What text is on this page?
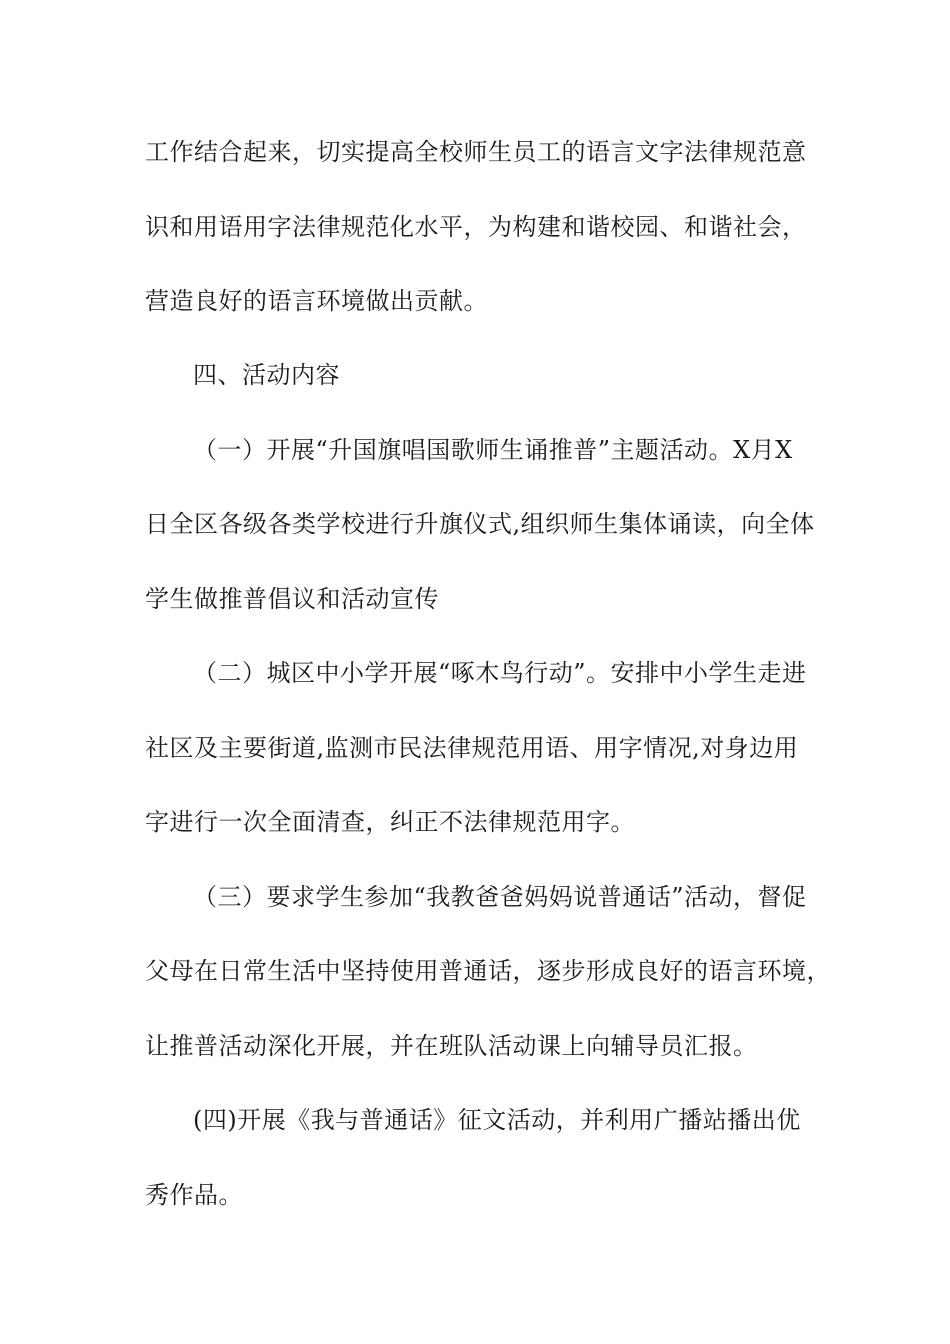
工作结合起来，切实提高全校师生员工的语言文字法律规范意
识和用语用字法律规范化水平，为构建和谐校园、和谐社会，
营造良好的语言环境做出贡献。
四、活动内容
（一）开展“升国旗唱国歌师生诵推普”主题活动。X月X
日全区各级各类学校进行升旗仪式,组织师生集体诵读，向全体
学生做推普倡议和活动宣传
（二）城区中小学开展“啄木鸟行动”。安排中小学生走进
社区及主要街道,监测市民法律规范用语、用字情况,对身边用
字进行一次全面清查，纠正不法律规范用字。
（三）要求学生参加“我教爸爸妈妈说普通话”活动，督促
父母在日常生活中坚持使用普通话，逐步形成良好的语言环境，
让推普活动深化开展，并在班队活动课上向辅导员汇报。
(四)开展《我与普通话》征文活动，并利用广播站播出优
秀作品。
